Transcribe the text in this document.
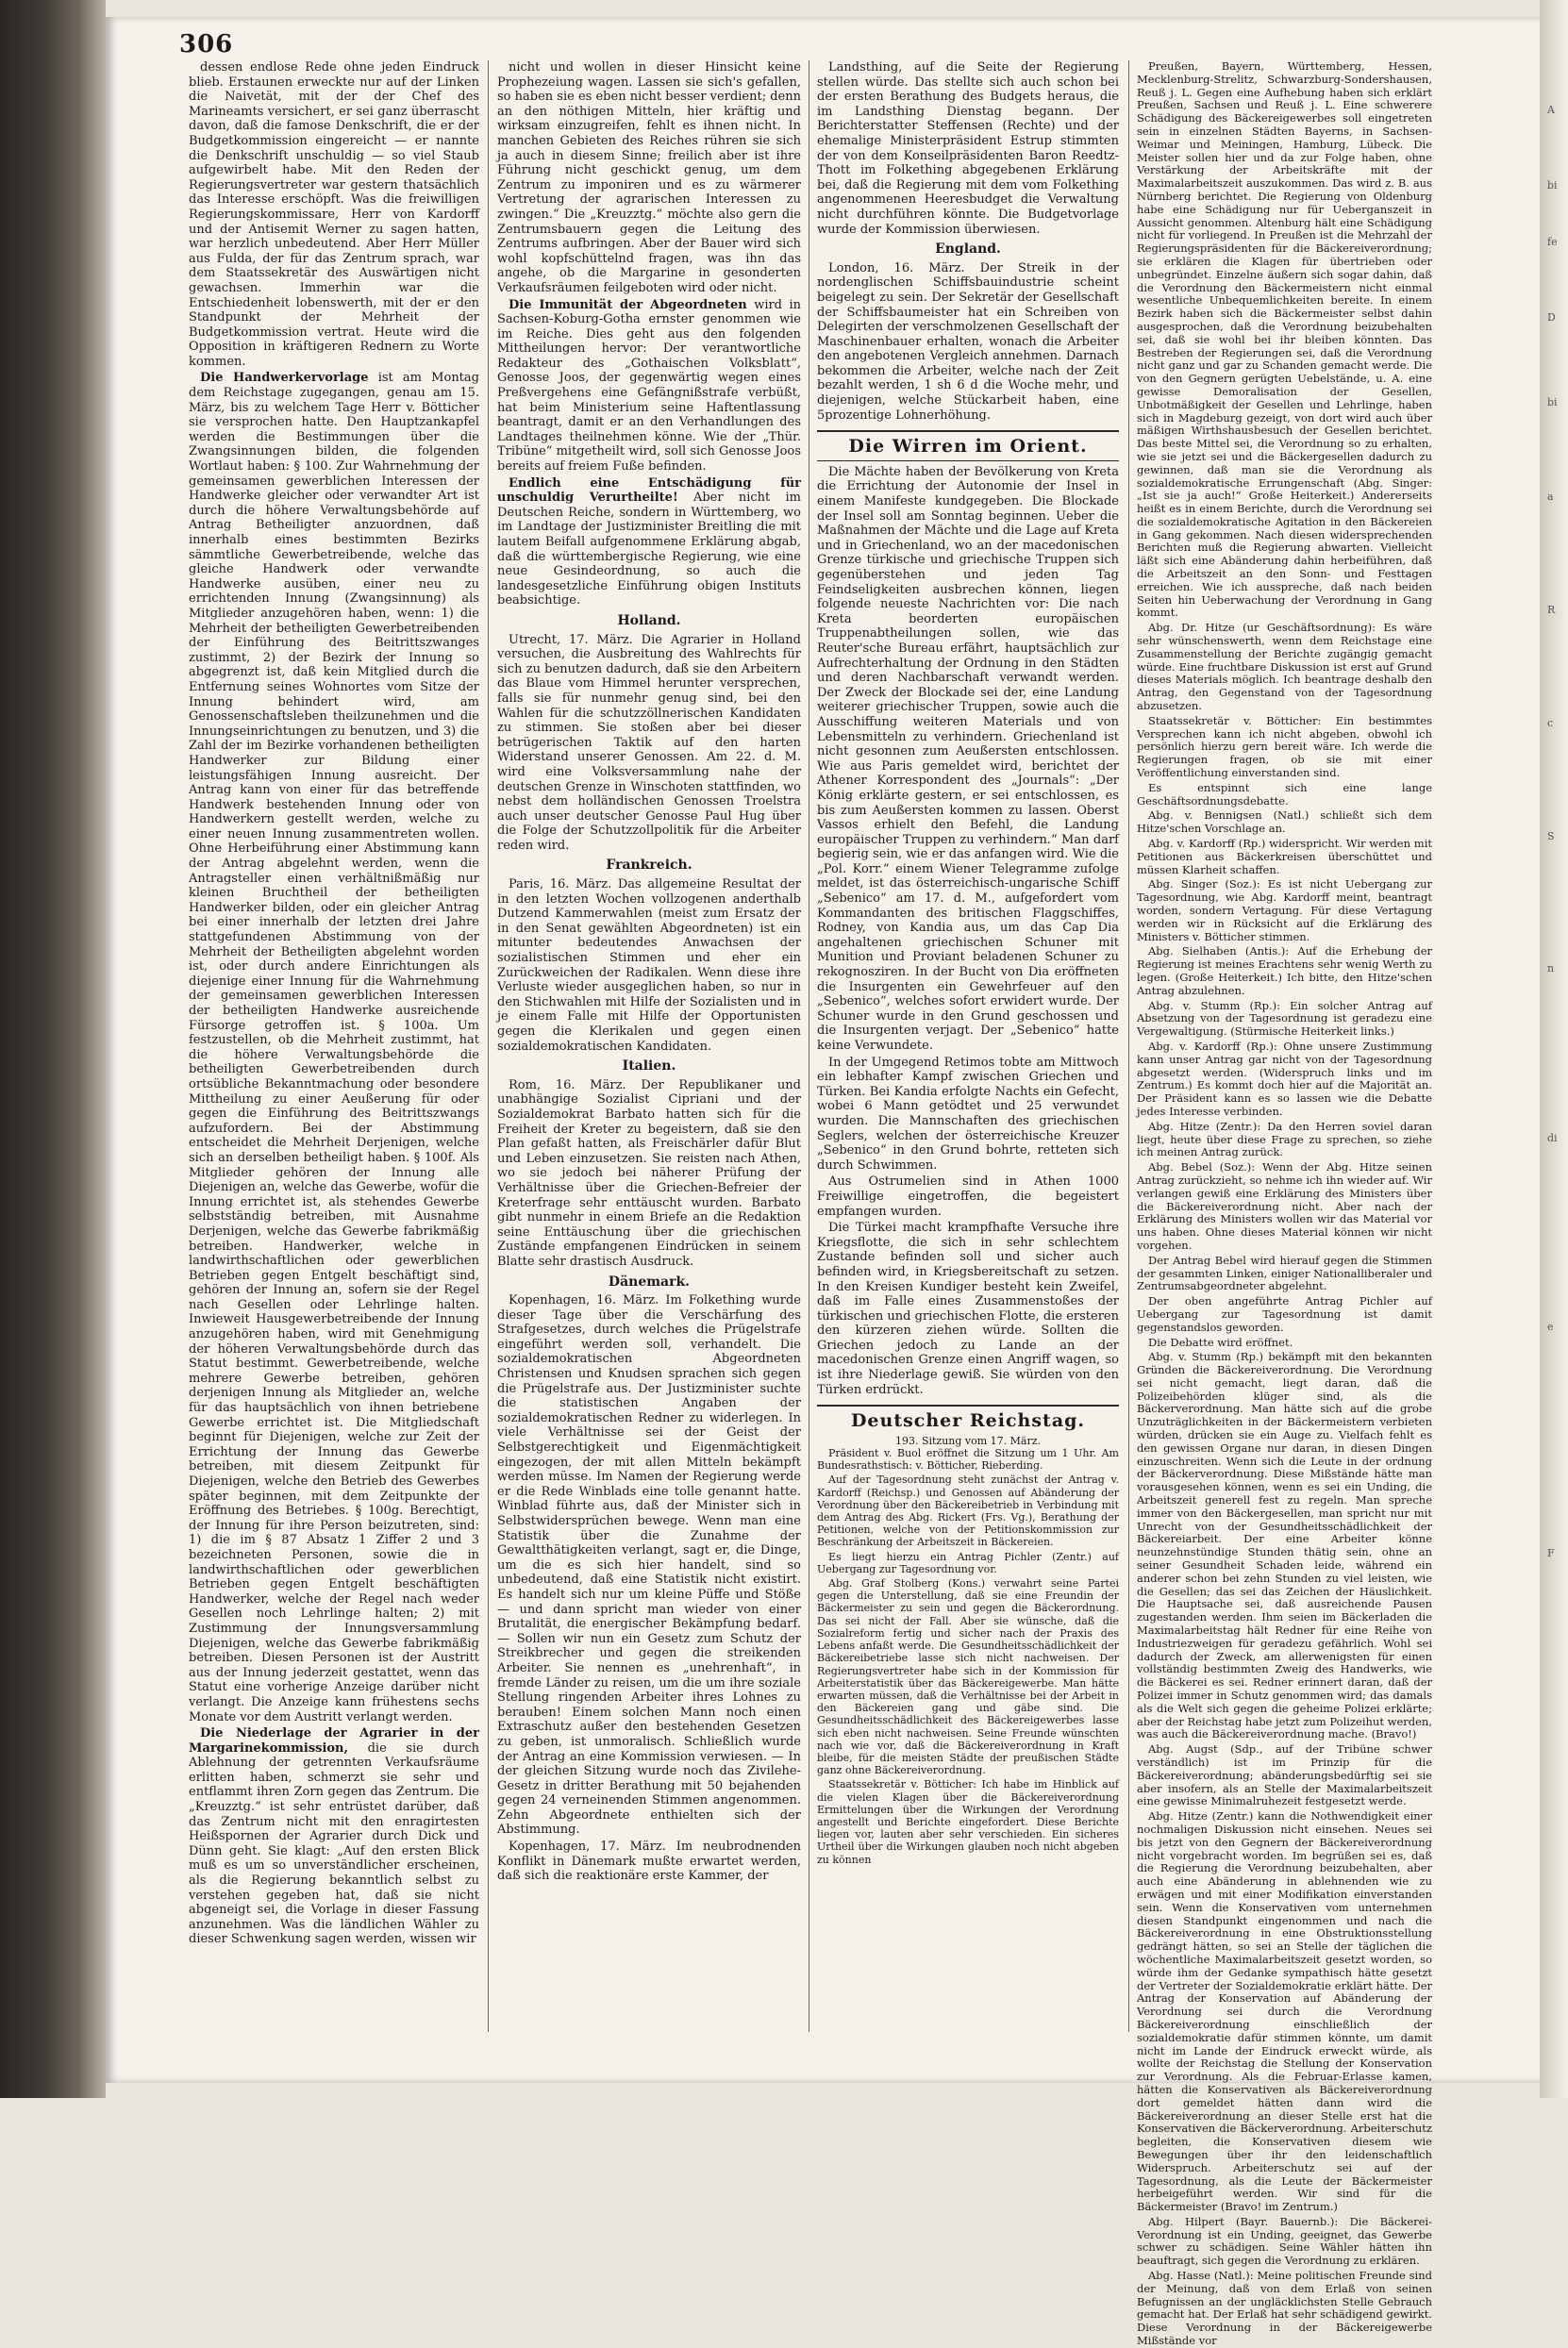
A
bi
fe
D
bi
a
R
c
S
n
di
e
F
306

dessen endlose Rede ohne jeden Eindruck blieb. Erstaunen erweckte nur auf der Linken die Naivetät, mit der der Chef des Marineamts versichert, er sei ganz überrascht davon, daß die famose Denkschrift, die er der Budgetkommission eingereicht — er nannte die Denkschrift unschuldig — so viel Staub aufgewirbelt habe. Mit den Reden der Regierungsvertreter war gestern thatsächlich das Interesse erschöpft. Was die freiwilligen Regierungskommissare, Herr von Kardorff und der Antisemit Werner zu sagen hatten, war herzlich unbedeutend. Aber Herr Müller aus Fulda, der für das Zentrum sprach, war dem Staatssekretär des Auswärtigen nicht gewachsen. Immerhin war die Entschiedenheit lobenswerth, mit der er den Standpunkt der Mehrheit der Budgetkommission vertrat. Heute wird die Opposition in kräftigeren Rednern zu Worte kommen.

Die Handwerkervorlage ist am Montag dem Reichstage zugegangen, genau am 15. März, bis zu welchem Tage Herr v. Bötticher sie versprochen hatte. Den Hauptzankapfel werden die Bestimmungen über die Zwangsinnungen bilden, die folgenden Wortlaut haben: § 100. Zur Wahrnehmung der gemeinsamen gewerblichen Interessen der Handwerke gleicher oder verwandter Art ist durch die höhere Verwaltungsbehörde auf Antrag Betheiligter anzuordnen, daß innerhalb eines bestimmten Bezirks sämmtliche Gewerbetreibende, welche das gleiche Handwerk oder verwandte Handwerke ausüben, einer neu zu errichtenden Innung (Zwangsinnung) als Mitglieder anzugehören haben, wenn: 1) die Mehrheit der betheiligten Gewerbetreibenden der Einführung des Beitrittszwanges zustimmt, 2) der Bezirk der Innung so abgegrenzt ist, daß kein Mitglied durch die Entfernung seines Wohnortes vom Sitze der Innung behindert wird, am Genossenschaftsleben theilzunehmen und die Innungseinrichtungen zu benutzen, und 3) die Zahl der im Bezirke vorhandenen betheiligten Handwerker zur Bildung einer leistungsfähigen Innung ausreicht. Der Antrag kann von einer für das betreffende Handwerk bestehenden Innung oder von Handwerkern gestellt werden, welche zu einer neuen Innung zusammentreten wollen. Ohne Herbeiführung einer Abstimmung kann der Antrag abgelehnt werden, wenn die Antragsteller einen verhältnißmäßig nur kleinen Bruchtheil der betheiligten Handwerker bilden, oder ein gleicher Antrag bei einer innerhalb der letzten drei Jahre stattgefundenen Abstimmung von der Mehrheit der Betheiligten abgelehnt worden ist, oder durch andere Einrichtungen als diejenige einer Innung für die Wahrnehmung der gemeinsamen gewerblichen Interessen der betheiligten Handwerke ausreichende Fürsorge getroffen ist. § 100a. Um festzustellen, ob die Mehrheit zustimmt, hat die höhere Verwaltungsbehörde die betheiligten Gewerbetreibenden durch ortsübliche Bekanntmachung oder besondere Mittheilung zu einer Aeußerung für oder gegen die Einführung des Beitrittszwangs aufzufordern. Bei der Abstimmung entscheidet die Mehrheit Derjenigen, welche sich an derselben betheiligt haben. § 100f. Als Mitglieder gehören der Innung alle Diejenigen an, welche das Gewerbe, wofür die Innung errichtet ist, als stehendes Gewerbe selbstständig betreiben, mit Ausnahme Derjenigen, welche das Gewerbe fabrikmäßig betreiben. Handwerker, welche in landwirthschaftlichen oder gewerblichen Betrieben gegen Entgelt beschäftigt sind, gehören der Innung an, sofern sie der Regel nach Gesellen oder Lehrlinge halten. Inwieweit Hausgewerbetreibende der Innung anzugehören haben, wird mit Genehmigung der höheren Verwaltungsbehörde durch das Statut bestimmt. Gewerbetreibende, welche mehrere Gewerbe betreiben, gehören derjenigen Innung als Mitglieder an, welche für das hauptsächlich von ihnen betriebene Gewerbe errichtet ist. Die Mitgliedschaft beginnt für Diejenigen, welche zur Zeit der Errichtung der Innung das Gewerbe betreiben, mit diesem Zeitpunkt für Diejenigen, welche den Betrieb des Gewerbes später beginnen, mit dem Zeitpunkte der Eröffnung des Betriebes. § 100g. Berechtigt, der Innung für ihre Person beizutreten, sind: 1) die im § 87 Absatz 1 Ziffer 2 und 3 bezeichneten Personen, sowie die in landwirthschaftlichen oder gewerblichen Betrieben gegen Entgelt beschäftigten Handwerker, welche der Regel nach weder Gesellen noch Lehrlinge halten; 2) mit Zustimmung der Innungsversammlung Diejenigen, welche das Gewerbe fabrikmäßig betreiben. Diesen Personen ist der Austritt aus der Innung jederzeit gestattet, wenn das Statut eine vorherige Anzeige darüber nicht verlangt. Die Anzeige kann frühestens sechs Monate vor dem Austritt verlangt werden.

Die Niederlage der Agrarier in der Margarinekommission, die sie durch Ablehnung der getrennten Verkaufsräume erlitten haben, schmerzt sie sehr und entflammt ihren Zorn gegen das Zentrum. Die „Kreuzztg.“ ist sehr entrüstet darüber, daß das Zentrum nicht mit den enragirtesten Heißspornen der Agrarier durch Dick und Dünn geht. Sie klagt: „Auf den ersten Blick muß es um so unverständlicher erscheinen, als die Regierung bekanntlich selbst zu verstehen gegeben hat, daß sie nicht abgeneigt sei, die Vorlage in dieser Fassung anzunehmen. Was die ländlichen Wähler zu dieser Schwenkung sagen werden, wissen wir

nicht und wollen in dieser Hinsicht keine Prophezeiung wagen. Lassen sie sich's gefallen, so haben sie es eben nicht besser verdient; denn an den nöthigen Mitteln, hier kräftig und wirksam einzugreifen, fehlt es ihnen nicht. In manchen Gebieten des Reiches rühren sie sich ja auch in diesem Sinne; freilich aber ist ihre Führung nicht geschickt genug, um dem Zentrum zu imponiren und es zu wärmerer Vertretung der agrarischen Interessen zu zwingen.“ Die „Kreuzztg.“ möchte also gern die Zentrumsbauern gegen die Leitung des Zentrums aufbringen. Aber der Bauer wird sich wohl kopfschüttelnd fragen, was ihn das angehe, ob die Margarine in gesonderten Verkaufsräumen feilgeboten wird oder nicht.

Die Immunität der Abgeordneten wird in Sachsen-Koburg-Gotha ernster genommen wie im Reiche. Dies geht aus den folgenden Mittheilungen hervor: Der verantwortliche Redakteur des „Gothaischen Volksblatt“, Genosse Joos, der gegenwärtig wegen eines Preßvergehens eine Gefängnißstrafe verbüßt, hat beim Ministerium seine Haftentlassung beantragt, damit er an den Verhandlungen des Landtages theilnehmen könne. Wie der „Thür. Tribüne“ mitgetheilt wird, soll sich Genosse Joos bereits auf freiem Fuße befinden.

Endlich eine Entschädigung für unschuldig Verurtheilte! Aber nicht im Deutschen Reiche, sondern in Württemberg, wo im Landtage der Justizminister Breitling die mit lautem Beifall aufgenommene Erklärung abgab, daß die württembergische Regierung, wie eine neue Gesindeordnung, so auch die landesgesetzliche Einführung obigen Instituts beabsichtige.

Holland.

Utrecht, 17. März. Die Agrarier in Holland versuchen, die Ausbreitung des Wahlrechts für sich zu benutzen dadurch, daß sie den Arbeitern das Blaue vom Himmel herunter versprechen, falls sie für nunmehr genug sind, bei den Wahlen für die schutzzöllnerischen Kandidaten zu stimmen. Sie stoßen aber bei dieser betrügerischen Taktik auf den harten Widerstand unserer Genossen. Am 22. d. M. wird eine Volksversammlung nahe der deutschen Grenze in Winschoten stattfinden, wo nebst dem holländischen Genossen Troelstra auch unser deutscher Genosse Paul Hug über die Folge der Schutzzollpolitik für die Arbeiter reden wird.

Frankreich.

Paris, 16. März. Das allgemeine Resultat der in den letzten Wochen vollzogenen anderthalb Dutzend Kammerwahlen (meist zum Ersatz der in den Senat gewählten Abgeordneten) ist ein mitunter bedeutendes Anwachsen der sozialistischen Stimmen und eher ein Zurückweichen der Radikalen. Wenn diese ihre Verluste wieder ausgeglichen haben, so nur in den Stichwahlen mit Hilfe der Sozialisten und in je einem Falle mit Hilfe der Opportunisten gegen die Klerikalen und gegen einen sozialdemokratischen Kandidaten.

Italien.

Rom, 16. März. Der Republikaner und unabhängige Sozialist Cipriani und der Sozialdemokrat Barbato hatten sich für die Freiheit der Kreter zu begeistern, daß sie den Plan gefaßt hatten, als Freischärler dafür Blut und Leben einzusetzen. Sie reisten nach Athen, wo sie jedoch bei näherer Prüfung der Verhältnisse über die Griechen-Befreier der Kreterfrage sehr enttäuscht wurden. Barbato gibt nunmehr in einem Briefe an die Redaktion seine Enttäuschung über die griechischen Zustände empfangenen Eindrücken in seinem Blatte sehr drastisch Ausdruck.

Dänemark.

Kopenhagen, 16. März. Im Folkething wurde dieser Tage über die Verschärfung des Strafgesetzes, durch welches die Prügelstrafe eingeführt werden soll, verhandelt. Die sozialdemokratischen Abgeordneten Christensen und Knudsen sprachen sich gegen die Prügelstrafe aus. Der Justizminister suchte die statistischen Angaben der sozialdemokratischen Redner zu widerlegen. In viele Verhältnisse sei der Geist der Selbstgerechtigkeit und Eigenmächtigkeit eingezogen, der mit allen Mitteln bekämpft werden müsse. Im Namen der Regierung werde er die Rede Winblads eine tolle genannt hatte. Winblad führte aus, daß der Minister sich in Selbstwidersprüchen bewege. Wenn man eine Statistik über die Zunahme der Gewaltthätigkeiten verlangt, sagt er, die Dinge, um die es sich hier handelt, sind so unbedeutend, daß eine Statistik nicht existirt. Es handelt sich nur um kleine Püffe und Stöße — und dann spricht man wieder von einer Brutalität, die energischer Bekämpfung bedarf. — Sollen wir nun ein Gesetz zum Schutz der Streikbrecher und gegen die streikenden Arbeiter. Sie nennen es „unehrenhaft“, in fremde Länder zu reisen, um die um ihre soziale Stellung ringenden Arbeiter ihres Lohnes zu berauben! Einem solchen Mann noch einen Extraschutz außer den bestehenden Gesetzen zu geben, ist unmoralisch. Schließlich wurde der Antrag an eine Kommission verwiesen. — In der gleichen Sitzung wurde noch das Zivilehe-Gesetz in dritter Berathung mit 50 bejahenden gegen 24 verneinenden Stimmen angenommen. Zehn Abgeordnete enthielten sich der Abstimmung.

Kopenhagen, 17. März. Im neubrodnenden Konflikt in Dänemark mußte erwartet werden, daß sich die reaktionäre erste Kammer, der

Landsthing, auf die Seite der Regierung stellen würde. Das stellte sich auch schon bei der ersten Berathung des Budgets heraus, die im Landsthing Dienstag begann. Der Berichterstatter Steffensen (Rechte) und der ehemalige Ministerpräsident Estrup stimmten der von dem Konseilpräsidenten Baron Reedtz-Thott im Folkething abgegebenen Erklärung bei, daß die Regierung mit dem vom Folkething angenommenen Heeresbudget die Verwaltung nicht durchführen könnte. Die Budgetvorlage wurde der Kommission überwiesen.

England.

London, 16. März. Der Streik in der nordenglischen Schiffsbauindustrie scheint beigelegt zu sein. Der Sekretär der Gesellschaft der Schiffsbaumeister hat ein Schreiben von Delegirten der verschmolzenen Gesellschaft der Maschinenbauer erhalten, wonach die Arbeiter den angebotenen Vergleich annehmen. Darnach bekommen die Arbeiter, welche nach der Zeit bezahlt werden, 1 sh 6 d die Woche mehr, und diejenigen, welche Stückarbeit haben, eine 5prozentige Lohnerhöhung.

Die Wirren im Orient.

Die Mächte haben der Bevölkerung von Kreta die Errichtung der Autonomie der Insel in einem Manifeste kundgegeben. Die Blockade der Insel soll am Sonntag beginnen. Ueber die Maßnahmen der Mächte und die Lage auf Kreta und in Griechenland, wo an der macedonischen Grenze türkische und griechische Truppen sich gegenüberstehen und jeden Tag Feindseligkeiten ausbrechen können, liegen folgende neueste Nachrichten vor: Die nach Kreta beorderten europäischen Truppenabtheilungen sollen, wie das Reuter'sche Bureau erfährt, hauptsächlich zur Aufrechterhaltung der Ordnung in den Städten und deren Nachbarschaft verwandt werden. Der Zweck der Blockade sei der, eine Landung weiterer griechischer Truppen, sowie auch die Ausschiffung weiteren Materials und von Lebensmitteln zu verhindern. Griechenland ist nicht gesonnen zum Aeußersten entschlossen. Wie aus Paris gemeldet wird, berichtet der Athener Korrespondent des „Journals“: „Der König erklärte gestern, er sei entschlossen, es bis zum Aeußersten kommen zu lassen. Oberst Vassos erhielt den Befehl, die Landung europäischer Truppen zu verhindern.“ Man darf begierig sein, wie er das anfangen wird. Wie die „Pol. Korr.“ einem Wiener Telegramme zufolge meldet, ist das österreichisch-ungarische Schiff „Sebenico“ am 17. d. M., aufgefordert vom Kommandanten des britischen Flaggschiffes, Rodney, von Kandia aus, um das Cap Dia angehaltenen griechischen Schuner mit Munition und Proviant beladenen Schuner zu rekognosziren. In der Bucht von Dia eröffneten die Insurgenten ein Gewehrfeuer auf den „Sebenico“, welches sofort erwidert wurde. Der Schuner wurde in den Grund geschossen und die Insurgenten verjagt. Der „Sebenico“ hatte keine Verwundete.

In der Umgegend Retimos tobte am Mittwoch ein lebhafter Kampf zwischen Griechen und Türken. Bei Kandia erfolgte Nachts ein Gefecht, wobei 6 Mann getödtet und 25 verwundet wurden. Die Mannschaften des griechischen Seglers, welchen der österreichische Kreuzer „Sebenico“ in den Grund bohrte, retteten sich durch Schwimmen.

Aus Ostrumelien sind in Athen 1000 Freiwillige eingetroffen, die begeistert empfangen wurden.

Die Türkei macht krampfhafte Versuche ihre Kriegsflotte, die sich in sehr schlechtem Zustande befinden soll und sicher auch befinden wird, in Kriegsbereitschaft zu setzen. In den Kreisen Kundiger besteht kein Zweifel, daß im Falle eines Zusammenstoßes der türkischen und griechischen Flotte, die ersteren den kürzeren ziehen würde. Sollten die Griechen jedoch zu Lande an der macedonischen Grenze einen Angriff wagen, so ist ihre Niederlage gewiß. Sie würden von den Türken erdrückt.

Deutscher Reichstag.
193. Sitzung vom 17. März.

Präsident v. Buol eröffnet die Sitzung um 1 Uhr. Am Bundesrathstisch: v. Bötticher, Rieberding.

Auf der Tagesordnung steht zunächst der Antrag v. Kardorff (Reichsp.) und Genossen auf Abänderung der Verordnung über den Bäckereibetrieb in Verbindung mit dem Antrag des Abg. Rickert (Frs. Vg.), Berathung der Petitionen, welche von der Petitionskommission zur Beschränkung der Arbeitszeit in Bäckereien.

Es liegt hierzu ein Antrag Pichler (Zentr.) auf Uebergang zur Tagesordnung vor.

Abg. Graf Stolberg (Kons.) verwahrt seine Partei gegen die Unterstellung, daß sie eine Freundin der Bäckermeister zu sein und gegen die Bäckerordnung. Das sei nicht der Fall. Aber sie wünsche, daß die Sozialreform fertig und sicher nach der Praxis des Lebens anfaßt werde. Die Gesundheitsschädlichkeit der Bäckereibetriebe lasse sich nicht nachweisen. Der Regierungsvertreter habe sich in der Kommission für Arbeiterstatistik über das Bäckereigewerbe. Man hätte erwarten müssen, daß die Verhältnisse bei der Arbeit in den Bäckereien gang und gäbe sind. Die Gesundheitsschädlichkeit des Bäckereigewerbes lasse sich eben nicht nachweisen. Seine Freunde wünschten nach wie vor, daß die Bäckereiverordnung in Kraft bleibe, für die meisten Städte der preußischen Städte ganz ohne Bäckereiverordnung.

Staatssekretär v. Bötticher: Ich habe im Hinblick auf die vielen Klagen über die Bäckereiverordnung Ermittelungen über die Wirkungen der Verordnung angestellt und Berichte eingefordert. Diese Berichte liegen vor, lauten aber sehr verschieden. Ein sicheres Urtheil über die Wirkungen glauben noch nicht abgeben zu können

Preußen, Bayern, Württemberg, Hessen, Mecklenburg-Strelitz, Schwarzburg-Sondershausen, Reuß j. L. Gegen eine Aufhebung haben sich erklärt Preußen, Sachsen und Reuß j. L. Eine schwerere Schädigung des Bäckereigewerbes soll eingetreten sein in einzelnen Städten Bayerns, in Sachsen-Weimar und Meiningen, Hamburg, Lübeck. Die Meister sollen hier und da zur Folge haben, ohne Verstärkung der Arbeitskräfte mit der Maximalarbeitszeit auszukommen. Das wird z. B. aus Nürnberg berichtet. Die Regierung von Oldenburg habe eine Schädigung nur für Ueberganszeit in Aussicht genommen. Altenburg hält eine Schädigung nicht für vorliegend. In Preußen ist die Mehrzahl der Regierungspräsidenten für die Bäckereiverordnung; sie erklären die Klagen für übertrieben oder unbegründet. Einzelne äußern sich sogar dahin, daß die Verordnung den Bäckermeistern nicht einmal wesentliche Unbequemlichkeiten bereite. In einem Bezirk haben sich die Bäckermeister selbst dahin ausgesprochen, daß die Verordnung beizubehalten sei, daß sie wohl bei ihr bleiben könnten. Das Bestreben der Regierungen sei, daß die Verordnung nicht ganz und gar zu Schanden gemacht werde. Die von den Gegnern gerügten Uebelstände, u. A. eine gewisse Demoralisation der Gesellen, Unbotmäßigkeit der Gesellen und Lehrlinge, haben sich in Magdeburg gezeigt, von dort wird auch über mäßigen Wirthshausbesuch der Gesellen berichtet. Das beste Mittel sei, die Verordnung so zu erhalten, wie sie jetzt sei und die Bäckergesellen dadurch zu gewinnen, daß man sie die Verordnung als sozialdemokratische Errungenschaft (Abg. Singer: „Ist sie ja auch!“ Große Heiterkeit.) Andererseits heißt es in einem Berichte, durch die Verordnung sei die sozialdemokratische Agitation in den Bäckereien in Gang gekommen. Nach diesen widersprechenden Berichten muß die Regierung abwarten. Vielleicht läßt sich eine Abänderung dahin herbeiführen, daß die Arbeitszeit an den Sonn- und Festtagen erreichen. Wie ich ausspreche, daß nach beiden Seiten hin Ueberwachung der Verordnung in Gang kommt.

Abg. Dr. Hitze (ur Geschäftsordnung): Es wäre sehr wünschenswerth, wenn dem Reichstage eine Zusammenstellung der Berichte zugängig gemacht würde. Eine fruchtbare Diskussion ist erst auf Grund dieses Materials möglich. Ich beantrage deshalb den Antrag, den Gegenstand von der Tagesordnung abzusetzen.

Staatssekretär v. Bötticher: Ein bestimmtes Versprechen kann ich nicht abgeben, obwohl ich persönlich hierzu gern bereit wäre. Ich werde die Regierungen fragen, ob sie mit einer Veröffentlichung einverstanden sind.

Es entspinnt sich eine lange Geschäftsordnungsdebatte.

Abg. v. Bennigsen (Natl.) schließt sich dem Hitze'schen Vorschlage an.

Abg. v. Kardorff (Rp.) widerspricht. Wir werden mit Petitionen aus Bäckerkreisen überschüttet und müssen Klarheit schaffen.

Abg. Singer (Soz.): Es ist nicht Uebergang zur Tagesordnung, wie Abg. Kardorff meint, beantragt worden, sondern Vertagung. Für diese Vertagung werden wir in Rücksicht auf die Erklärung des Ministers v. Bötticher stimmen.

Abg. Sielhaben (Antis.): Auf die Erhebung der Regierung ist meines Erachtens sehr wenig Werth zu legen. (Große Heiterkeit.) Ich bitte, den Hitze'schen Antrag abzulehnen.

Abg. v. Stumm (Rp.): Ein solcher Antrag auf Absetzung von der Tagesordnung ist geradezu eine Vergewaltigung. (Stürmische Heiterkeit links.)

Abg. v. Kardorff (Rp.): Ohne unsere Zustimmung kann unser Antrag gar nicht von der Tagesordnung abgesetzt werden. (Widerspruch links und im Zentrum.) Es kommt doch hier auf die Majorität an. Der Präsident kann es so lassen wie die Debatte jedes Interesse verbinden.

Abg. Hitze (Zentr.): Da den Herren soviel daran liegt, heute über diese Frage zu sprechen, so ziehe ich meinen Antrag zurück.

Abg. Bebel (Soz.): Wenn der Abg. Hitze seinen Antrag zurückzieht, so nehme ich ihn wieder auf. Wir verlangen gewiß eine Erklärung des Ministers über die Bäckereiverordnung nicht. Aber nach der Erklärung des Ministers wollen wir das Material vor uns haben. Ohne dieses Material können wir nicht vorgehen.

Der Antrag Bebel wird hierauf gegen die Stimmen der gesammten Linken, einiger Nationalliberaler und Zentrumsabgeordneter abgelehnt.

Der oben angeführte Antrag Pichler auf Uebergang zur Tagesordnung ist damit gegenstandslos geworden.

Die Debatte wird eröffnet.

Abg. v. Stumm (Rp.) bekämpft mit den bekannten Gründen die Bäckereiverordnung. Die Verordnung sei nicht gemacht, liegt daran, daß die Polizeibehörden klüger sind, als die Bäckerverordnung. Man hätte sich auf die grobe Unzuträglichkeiten in der Bäckermeistern verbieten würden, drücken sie ein Auge zu. Vielfach fehlt es den gewissen Organe nur daran, in diesen Dingen einzuschreiten. Wenn sich die Leute in der ordnung der Bäckerverordnung. Diese Mißstände hätte man vorausgesehen können, wenn es sei ein Unding, die Arbeitszeit generell fest zu regeln. Man spreche immer von den Bäckergesellen, man spricht nur mit Unrecht von der Gesundheitsschädlichkeit der Bäckereiarbeit. Der eine Arbeiter könne neunzehnstündige Stunden thätig sein, ohne an seiner Gesundheit Schaden leide, während ein anderer schon bei zehn Stunden zu viel leisten, wie die Gesellen; das sei das Zeichen der Häuslichkeit. Die Hauptsache sei, daß ausreichende Pausen zugestanden werden. Ihm seien im Bäckerladen die Maximalarbeitstag hält Redner für eine Reihe von Industriezweigen für geradezu gefährlich. Wohl sei dadurch der Zweck, am allerwenigsten für einen vollständig bestimmten Zweig des Handwerks, wie die Bäckerei es sei. Redner erinnert daran, daß der Polizei immer in Schutz genommen wird; das damals als die Welt sich gegen die geheime Polizei erklärte; aber der Reichstag habe jetzt zum Polizeihut werden, was auch die Bäckereiverordnung mache. (Bravo!)

Abg. Augst (Sdp., auf der Tribüne schwer verständlich) ist im Prinzip für die Bäckereiverordnung; abänderungsbedürftig sei sie aber insofern, als an Stelle der Maximalarbeitszeit eine gewisse Minimalruhezeit festgesetzt werde.

Abg. Hitze (Zentr.) kann die Nothwendigkeit einer nochmaligen Diskussion nicht einsehen. Neues sei bis jetzt von den Gegnern der Bäckereiverordnung nicht vorgebracht worden. Im begrüßen sei es, daß die Regierung die Verordnung beizubehalten, aber auch eine Abänderung in ablehnenden wie zu erwägen und mit einer Modifikation einverstanden sein. Wenn die Konservativen vom unternehmen diesen Standpunkt eingenommen und nach die Bäckereiverordnung in eine Obstruktionsstellung gedrängt hätten, so sei an Stelle der täglichen die wöchentliche Maximalarbeitszeit gesetzt worden, so würde ihm der Gedanke sympathisch hätte gesetzt der Vertreter der Sozialdemokratie erklärt hätte. Der Antrag der Konservation auf Abänderung der Verordnung sei durch die Verordnung Bäckereiverordnung einschließlich der sozialdemokratie dafür stimmen könnte, um damit nicht im Lande der Eindruck erweckt würde, als wollte der Reichstag die Stellung der Konservation zur Verordnung. Als die Februar-Erlasse kamen, hätten die Konservativen als Bäckereiverordnung dort gemeldet hätten dann wird die Bäckereiverordnung an dieser Stelle erst hat die Konservativen die Bäckerverordnung. Arbeiterschutz begleiten, die Konservativen diesem wie Bewegungen über ihr den leidenschaftlich Widerspruch. Arbeiterschutz sei auf der Tagesordnung, als die Leute der Bäckermeister herbeigeführt werden. Wir sind für die Bäckermeister (Bravo! im Zentrum.)

Abg. Hilpert (Bayr. Bauernb.): Die Bäckerei-Verordnung ist ein Unding, geeignet, das Gewerbe schwer zu schädigen. Seine Wähler hätten ihn beauftragt, sich gegen die Verordnung zu erklären.

Abg. Hasse (Natl.): Meine politischen Freunde sind der Meinung, daß von dem Erlaß von seinen Befugnissen an der ungläcklichsten Stelle Gebrauch gemacht hat. Der Erlaß hat sehr schädigend gewirkt. Diese Verordnung in der Bäckereigewerbe Mißstände vor
